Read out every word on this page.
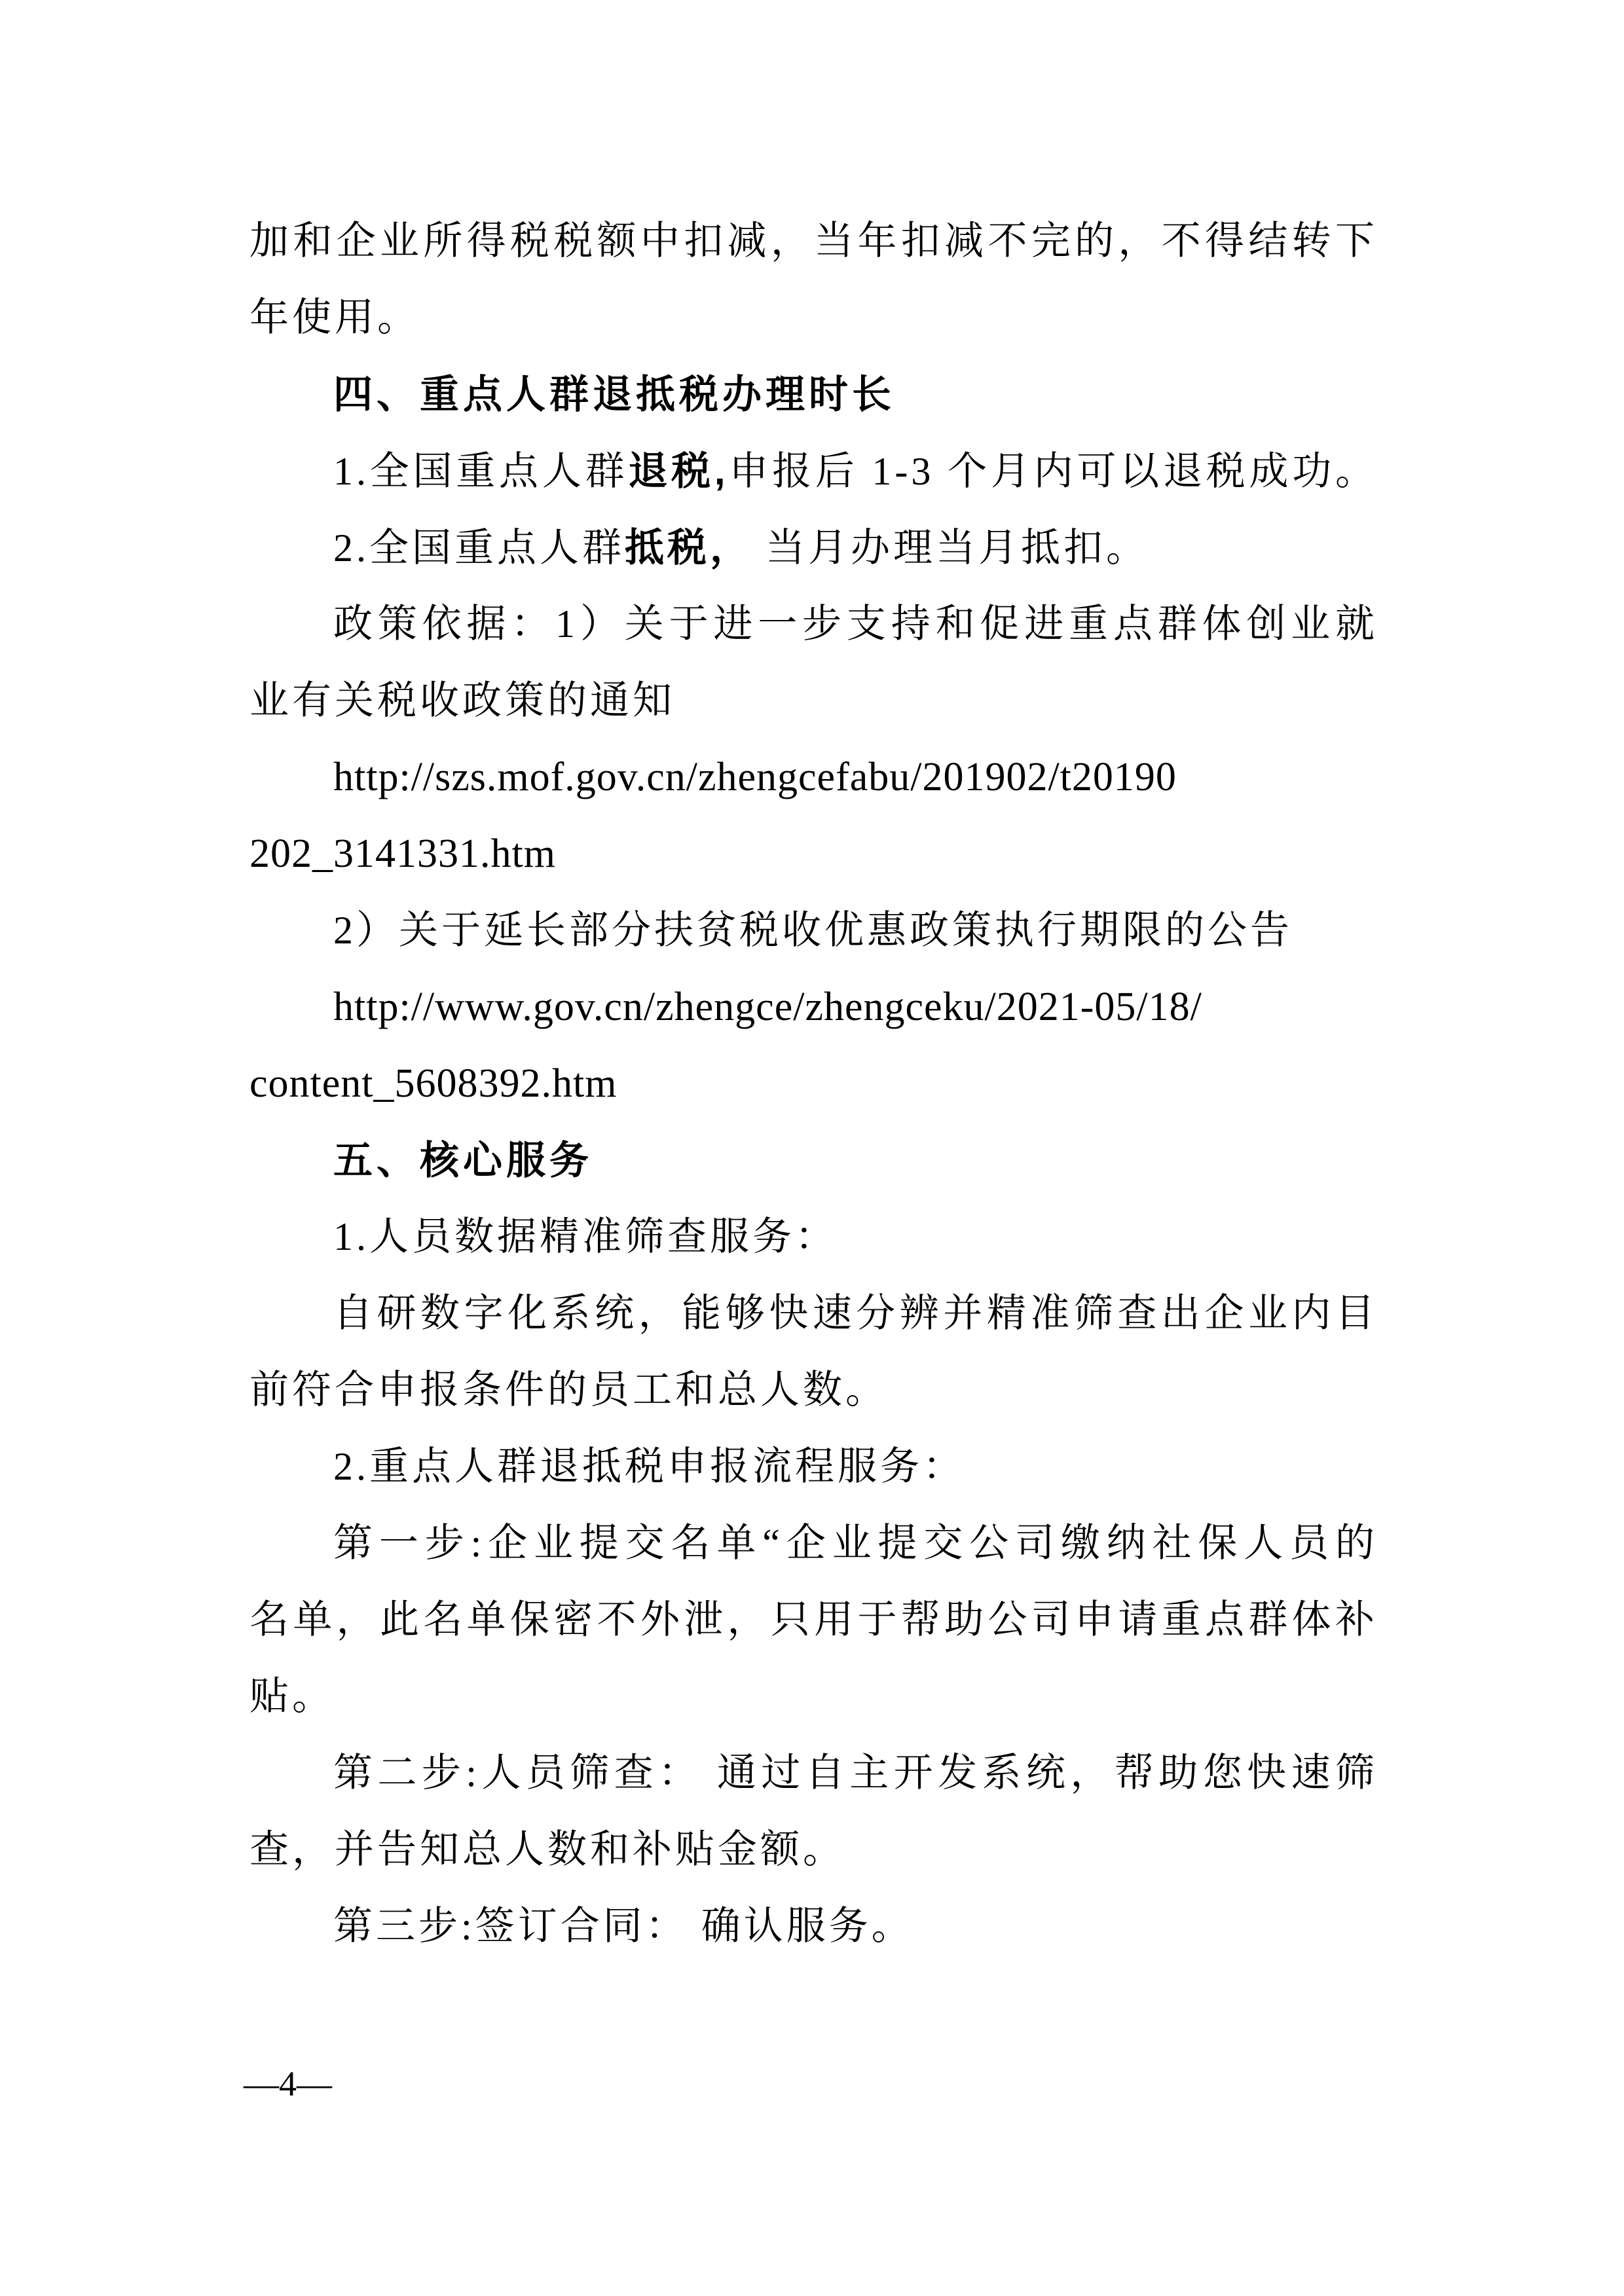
加和企业所得税税额中扣减，当年扣减不完的，不得结转下
年使用。
四、重点人群退抵税办理时长
1.全国重点人群退税,申报后 1-3 个月内可以退税成功。
2.全国重点人群抵税， 当月办理当月抵扣。
政策依据：1）关于进一步支持和促进重点群体创业就
业有关税收政策的通知
http://szs.mof.gov.cn/zhengcefabu/201902/t20190
202_3141331.htm
2）关于延长部分扶贫税收优惠政策执行期限的公告
http://www.gov.cn/zhengce/zhengceku/2021-05/18/
content_5608392.htm
五、核心服务
1.人员数据精准筛查服务：
自研数字化系统，能够快速分辨并精准筛查出企业内目
前符合申报条件的员工和总人数。
2.重点人群退抵税申报流程服务：
第一步:企业提交名单“企业提交公司缴纳社保人员的
名单，此名单保密不外泄，只用于帮助公司申请重点群体补
贴。
第二步:人员筛查： 通过自主开发系统，帮助您快速筛
查，并告知总人数和补贴金额。
第三步:签订合同： 确认服务。
—4—
